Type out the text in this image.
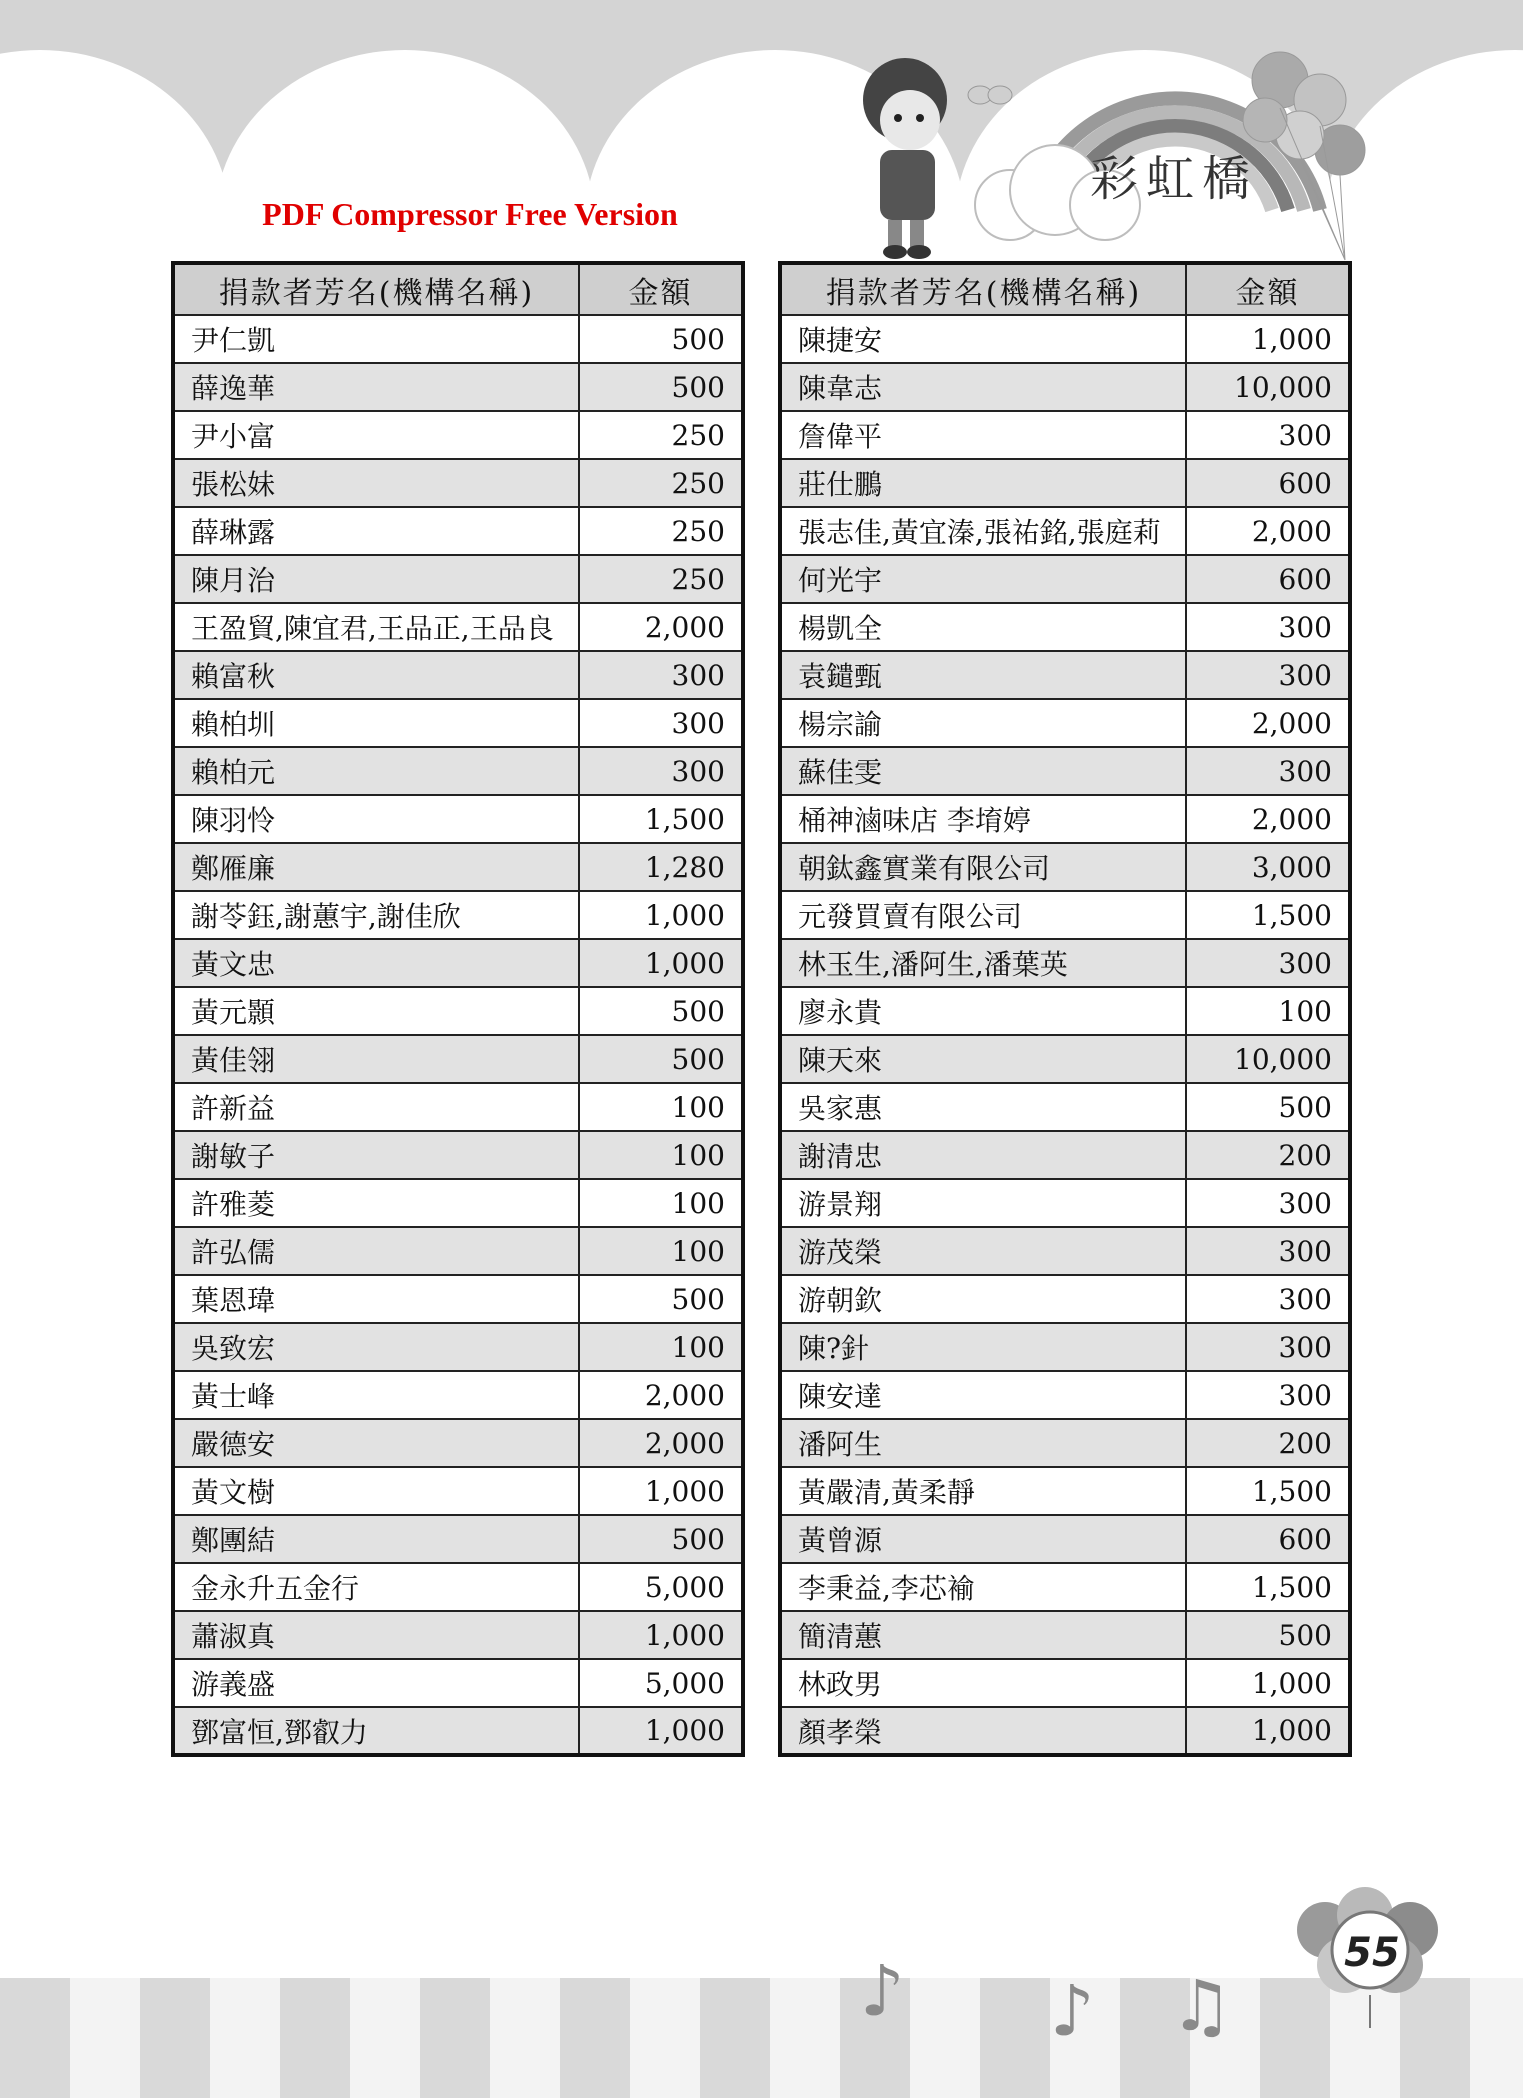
彩虹橋
PDF Compressor Free Version
捐款者芳名(機構名稱)	金額
尹仁凱	500
薛逸華	500
尹小富	250
張松妹	250
薛琳露	250
陳月治	250
王盈貿,陳宜君,王品正,王品良	2,000
賴富秋	300
賴柏圳	300
賴柏元	300
陳羽怜	1,500
鄭雁廉	1,280
謝苓鈺,謝蕙宇,謝佳欣	1,000
黃文忠	1,000
黃元顥	500
黃佳翎	500
許新益	100
謝敏子	100
許雅菱	100
許弘儒	100
葉恩瑋	500
吳致宏	100
黃士峰	2,000
嚴德安	2,000
黃文樹	1,000
鄭團結	500
金永升五金行	5,000
蕭淑真	1,000
游義盛	5,000
鄧富恒,鄧叡力	1,000
捐款者芳名(機構名稱)	金額
陳捷安	1,000
陳韋志	10,000
詹偉平	300
莊仕鵬	600
張志佳,黃宜溱,張祐銘,張庭莉	2,000
何光宇	600
楊凱全	300
袁鑓甄	300
楊宗諭	2,000
蘇佳雯	300
桶神滷味店 李堉婷	2,000
朝鈦鑫實業有限公司	3,000
元發買賣有限公司	1,500
林玉生,潘阿生,潘葉英	300
廖永貴	100
陳天來	10,000
吳家惠	500
謝清忠	200
游景翔	300
游茂榮	300
游朝欽	300
陳?針	300
陳安達	300
潘阿生	200
黃嚴清,黃柔靜	1,500
黃曾源	600
李秉益,李芯褕	1,500
簡清蕙	500
林政男	1,000
顏孝榮	1,000
♪ ♪ ♫
55
